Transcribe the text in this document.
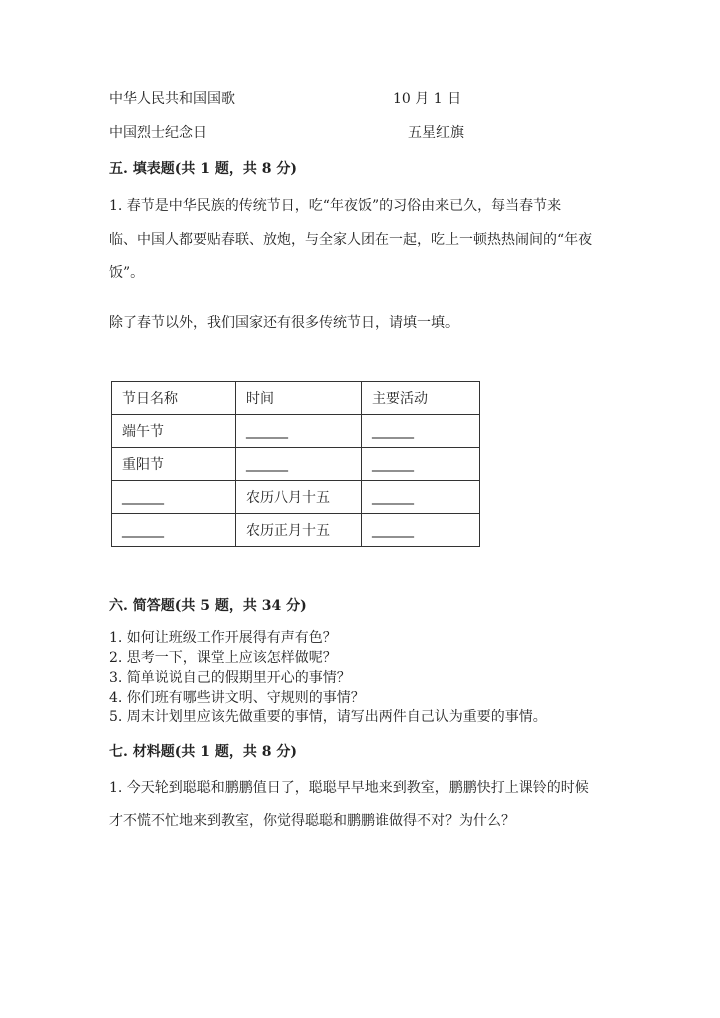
中华人民共和国国歌	10 月 1 日
中国烈士纪念日	五星红旗
五. 填表题(共 1 题，共 8 分)
1. 春节是中华民族的传统节日，吃“年夜饭”的习俗由来已久，每当春节来
临、中国人都要贴春联、放炮，与全家人团在一起，吃上一顿热热闹间的“年夜
饭”。
除了春节以外，我们国家还有很多传统节日，请填一填。
节日名称	时间	主要活动
端午节	______	______
重阳节	______	______
______	农历八月十五	______
______	农历正月十五	______
六. 简答题(共 5 题，共 34 分)
1. 如何让班级工作开展得有声有色？
2. 思考一下，课堂上应该怎样做呢？
3. 简单说说自己的假期里开心的事情？
4. 你们班有哪些讲文明、守规则的事情？
5. 周末计划里应该先做重要的事情，请写出两件自己认为重要的事情。
七. 材料题(共 1 题，共 8 分)
1. 今天轮到聪聪和鹏鹏值日了，聪聪早早地来到教室，鹏鹏快打上课铃的时候
才不慌不忙地来到教室，你觉得聪聪和鹏鹏谁做得不对？为什么？
